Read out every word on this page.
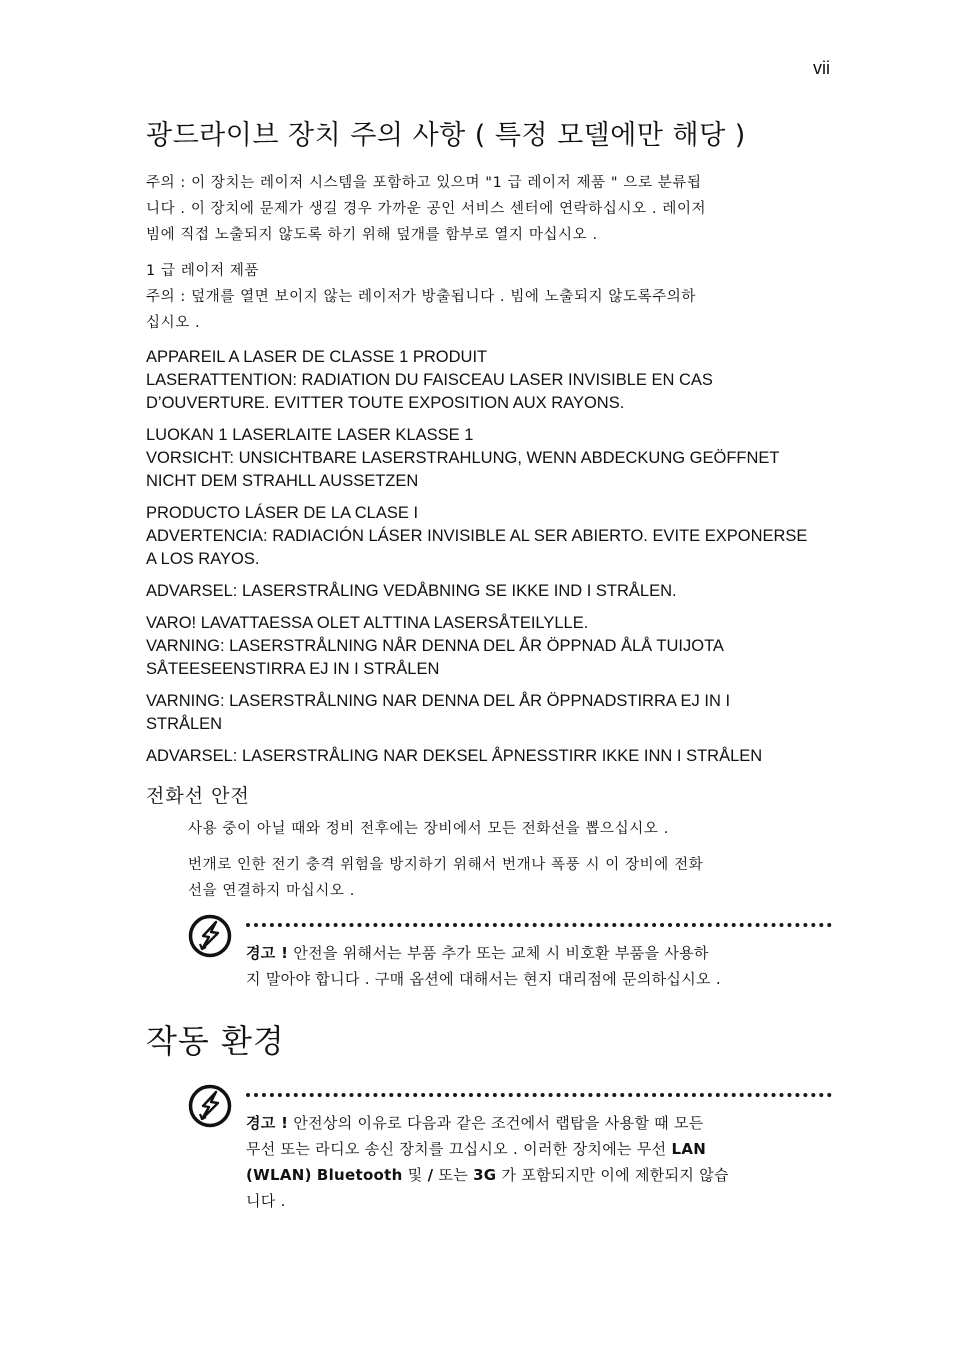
vii
광드라이브 장치 주의 사항 ( 특정 모델에만 해당 )

주의 : 이 장치는 레이저 시스템을 포함하고 있으며 "1 급 레이저 제품 " 으로 분류됩
니다 . 이 장치에 문제가 생길 경우 가까운 공인 서비스 센터에 연락하십시오 . 레이저
빔에 직접 노출되지 않도록 하기 위해 덮개를 함부로 열지 마십시오 .

1 급 레이저 제품
주의 : 덮개를 열면 보이지 않는 레이저가 방출됩니다 . 빔에 노출되지 않도록주의하
십시오 .

APPAREIL A LASER DE CLASSE 1 PRODUIT
LASERATTENTION: RADIATION DU FAISCEAU LASER INVISIBLE EN CAS
D’OUVERTURE. EVITTER TOUTE EXPOSITION AUX RAYONS.

LUOKAN 1 LASERLAITE LASER KLASSE 1
VORSICHT: UNSICHTBARE LASERSTRAHLUNG, WENN ABDECKUNG GEÖFFNET
NICHT DEM STRAHLL AUSSETZEN

PRODUCTO LÁSER DE LA CLASE I
ADVERTENCIA: RADIACIÓN LÁSER INVISIBLE AL SER ABIERTO. EVITE EXPONERSE
A LOS RAYOS.

ADVARSEL: LASERSTRÅLING VEDÅBNING SE IKKE IND I STRÅLEN.

VARO! LAVATTAESSA OLET ALTTINA LASERSÅTEILYLLE.
VARNING: LASERSTRÅLNING NÅR DENNA DEL ÅR ÖPPNAD ÅLÅ TUIJOTA
SÅTEESEENSTIRRA EJ IN I STRÅLEN

VARNING: LASERSTRÅLNING NAR DENNA DEL ÅR ÖPPNADSTIRRA EJ IN I
STRÅLEN

ADVARSEL: LASERSTRÅLING NAR DEKSEL ÅPNESSTIRR IKKE INN I STRÅLEN

전화선 안전

사용 중이 아닐 때와 정비 전후에는 장비에서 모든 전화선을 뽑으십시오 .

번개로 인한 전기 충격 위험을 방지하기 위해서 번개나 폭풍 시 이 장비에 전화
선을 연결하지 마십시오 .

경고 ! 안전을 위해서는 부품 추가 또는 교체 시 비호환 부품을 사용하
지 말아야 합니다 . 구매 옵션에 대해서는 현지 대리점에 문의하십시오 .
작동 환경
경고 ! 안전상의 이유로 다음과 같은 조건에서 랩탑을 사용할 때 모든
무선 또는 라디오 송신 장치를 끄십시오 . 이러한 장치에는 무선 LAN
(WLAN) Bluetooth 및 / 또는 3G 가 포함되지만 이에 제한되지 않습
니다 .
